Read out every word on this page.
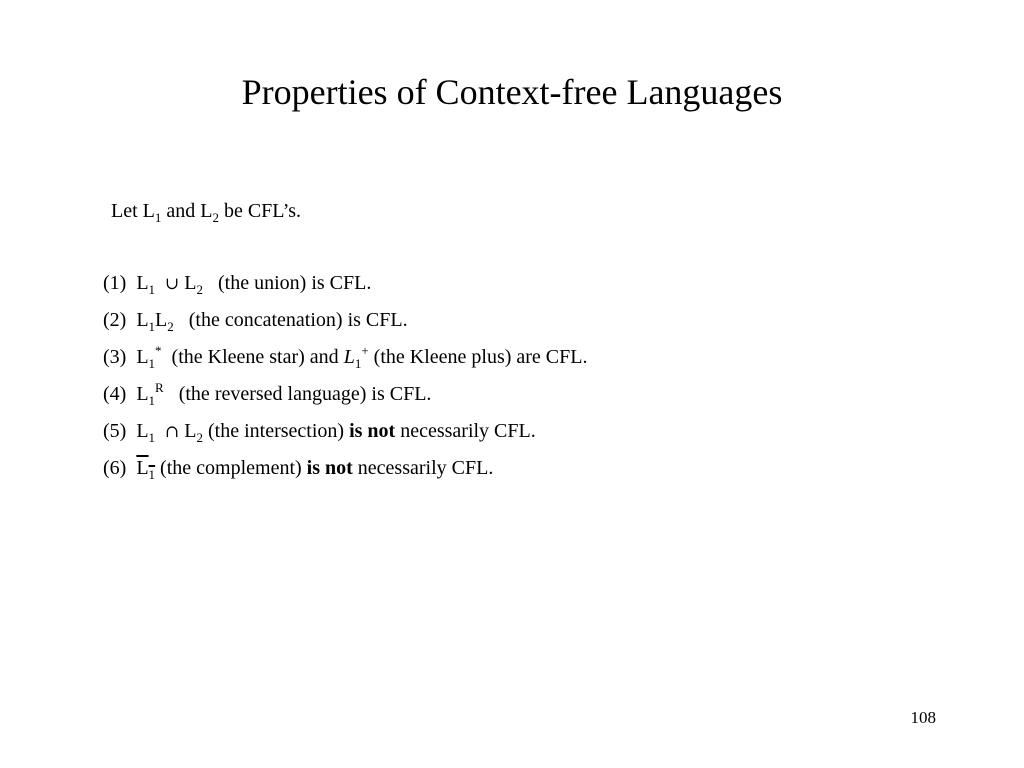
Properties of Context-free Languages
Let $L_1$ and $L_2$ be CFL’s.
(1) $L_1$ ∪ $L_2$ (the union) is CFL.
(2) $L_1L_2$ (the concatenation) is CFL.
(3) $L_1^*$ (the Kleene star) and $L_1^+$ (the Kleene plus) are CFL.
(4) $L_1^R$ (the reversed language) is CFL.
(5) $L_1$ ∩ $L_2$ (the intersection) is not necessarily CFL.
(6) $L_1$ (the complement) is not necessarily CFL.
108
